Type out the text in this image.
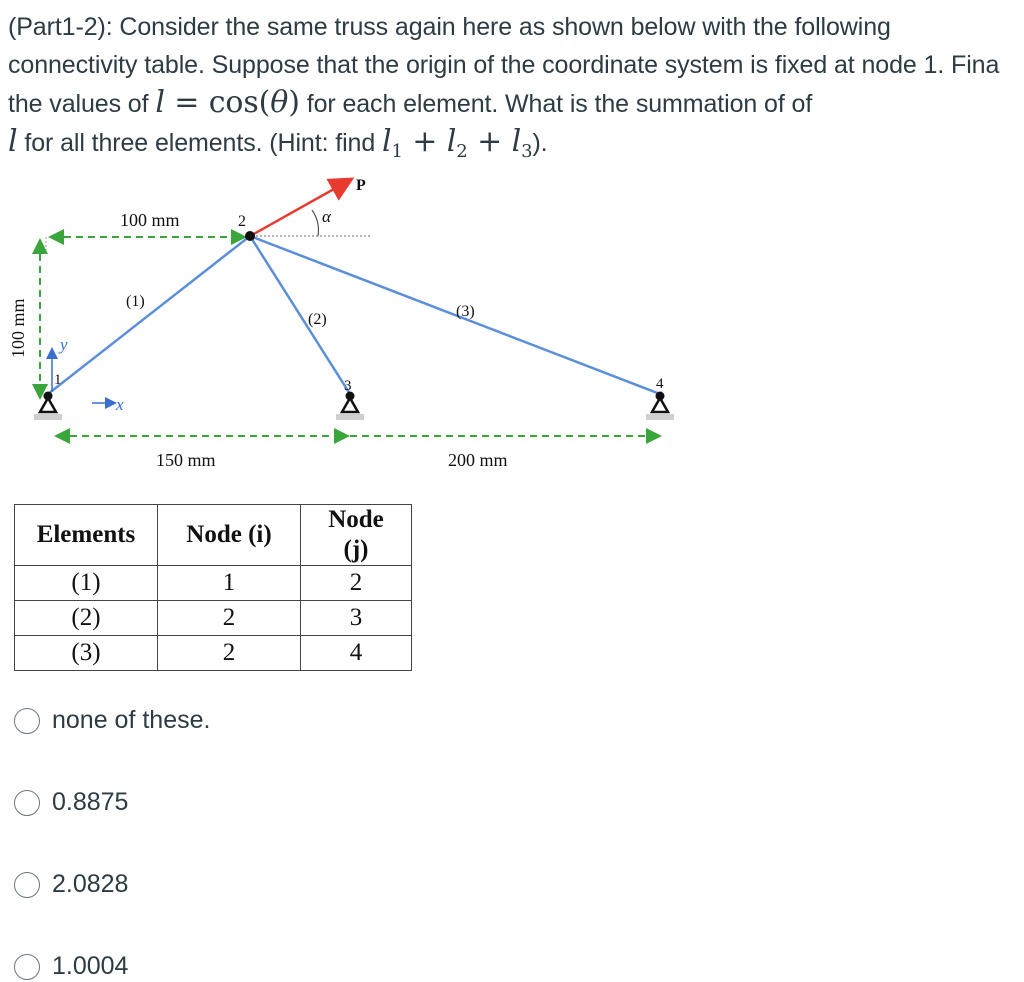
(Part1-2): Consider the same truss again here as shown below with the following connectivity table. Suppose that the origin of the coordinate system is fixed at node 1. Fina the values of l = cos(θ) for each element. What is the summation of of
l for all three elements. (Hint: find $l_1 + l_2 + l_3$).
100 mm
100 mm
150 mm	200 mm
P
α
y
x
1
2
3	4
(1)
(2)	(3)
Elements	Node (i)	Node (j)
(1)	1	2
(2)	2	3
(3)	2	4
none of these.
0.8875
2.0828
1.0004
